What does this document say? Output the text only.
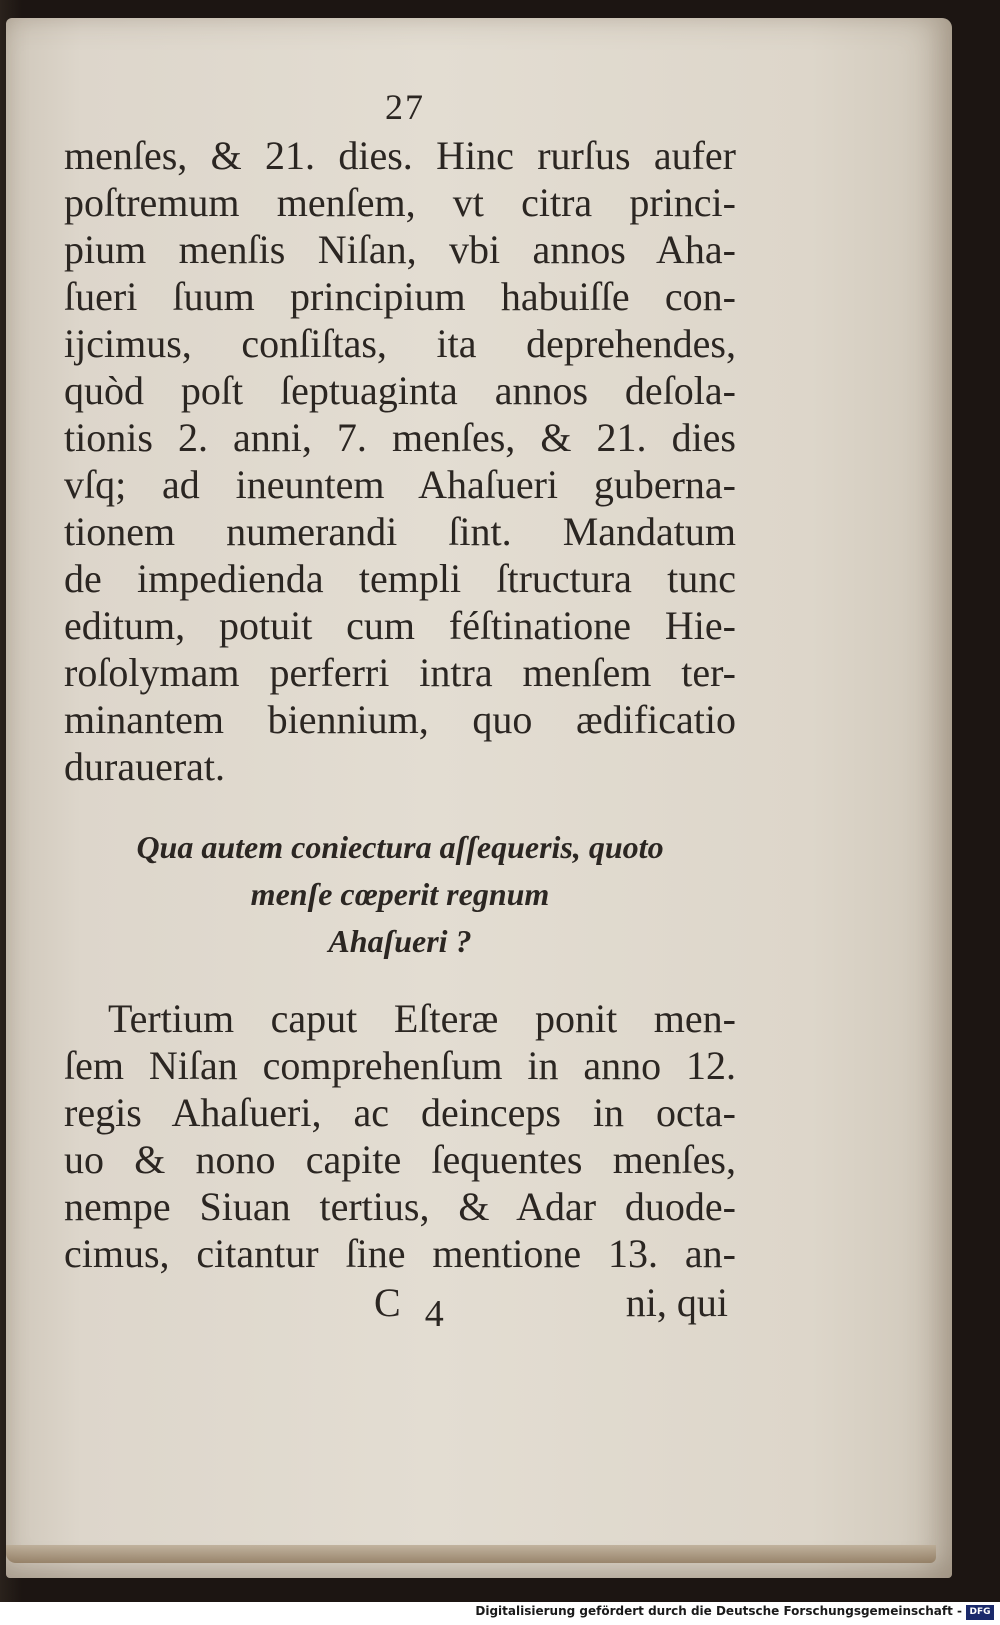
27

menſes, & 21. dies. Hinc rurſus aufer

poſtremum menſem, vt citra princi-

pium menſis Niſan, vbi annos Aha-

ſueri ſuum principium habuiſſe con-

ijcimus, conſiſtas, ita deprehendes,

quòd poſt ſeptuaginta annos deſola-

tionis 2. anni, 7. menſes, & 21. dies

vſq; ad ineuntem Ahaſueri guberna-

tionem numerandi ſint. Mandatum

de impedienda templi ſtructura tunc

editum, potuit cum féſtinatione Hie-

roſolymam perferri intra menſem ter-

minantem biennium, quo ædificatio

durauerat.

Qua autem coniectura aſſequeris, quoto
menſe cœperit regnum
Ahaſueri ?

Tertium caput Eſteræ ponit men-

ſem Niſan comprehenſum in anno 12.

regis Ahaſueri, ac deinceps in octa-

uo & nono capite ſequentes menſes,

nempe Siuan tertius, & Adar duode-

cimus, citantur ſine mentione 13. an-

C 4	ni, qui
Digitalisierung gefördert durch die Deutsche Forschungsgemeinschaft - DFG
